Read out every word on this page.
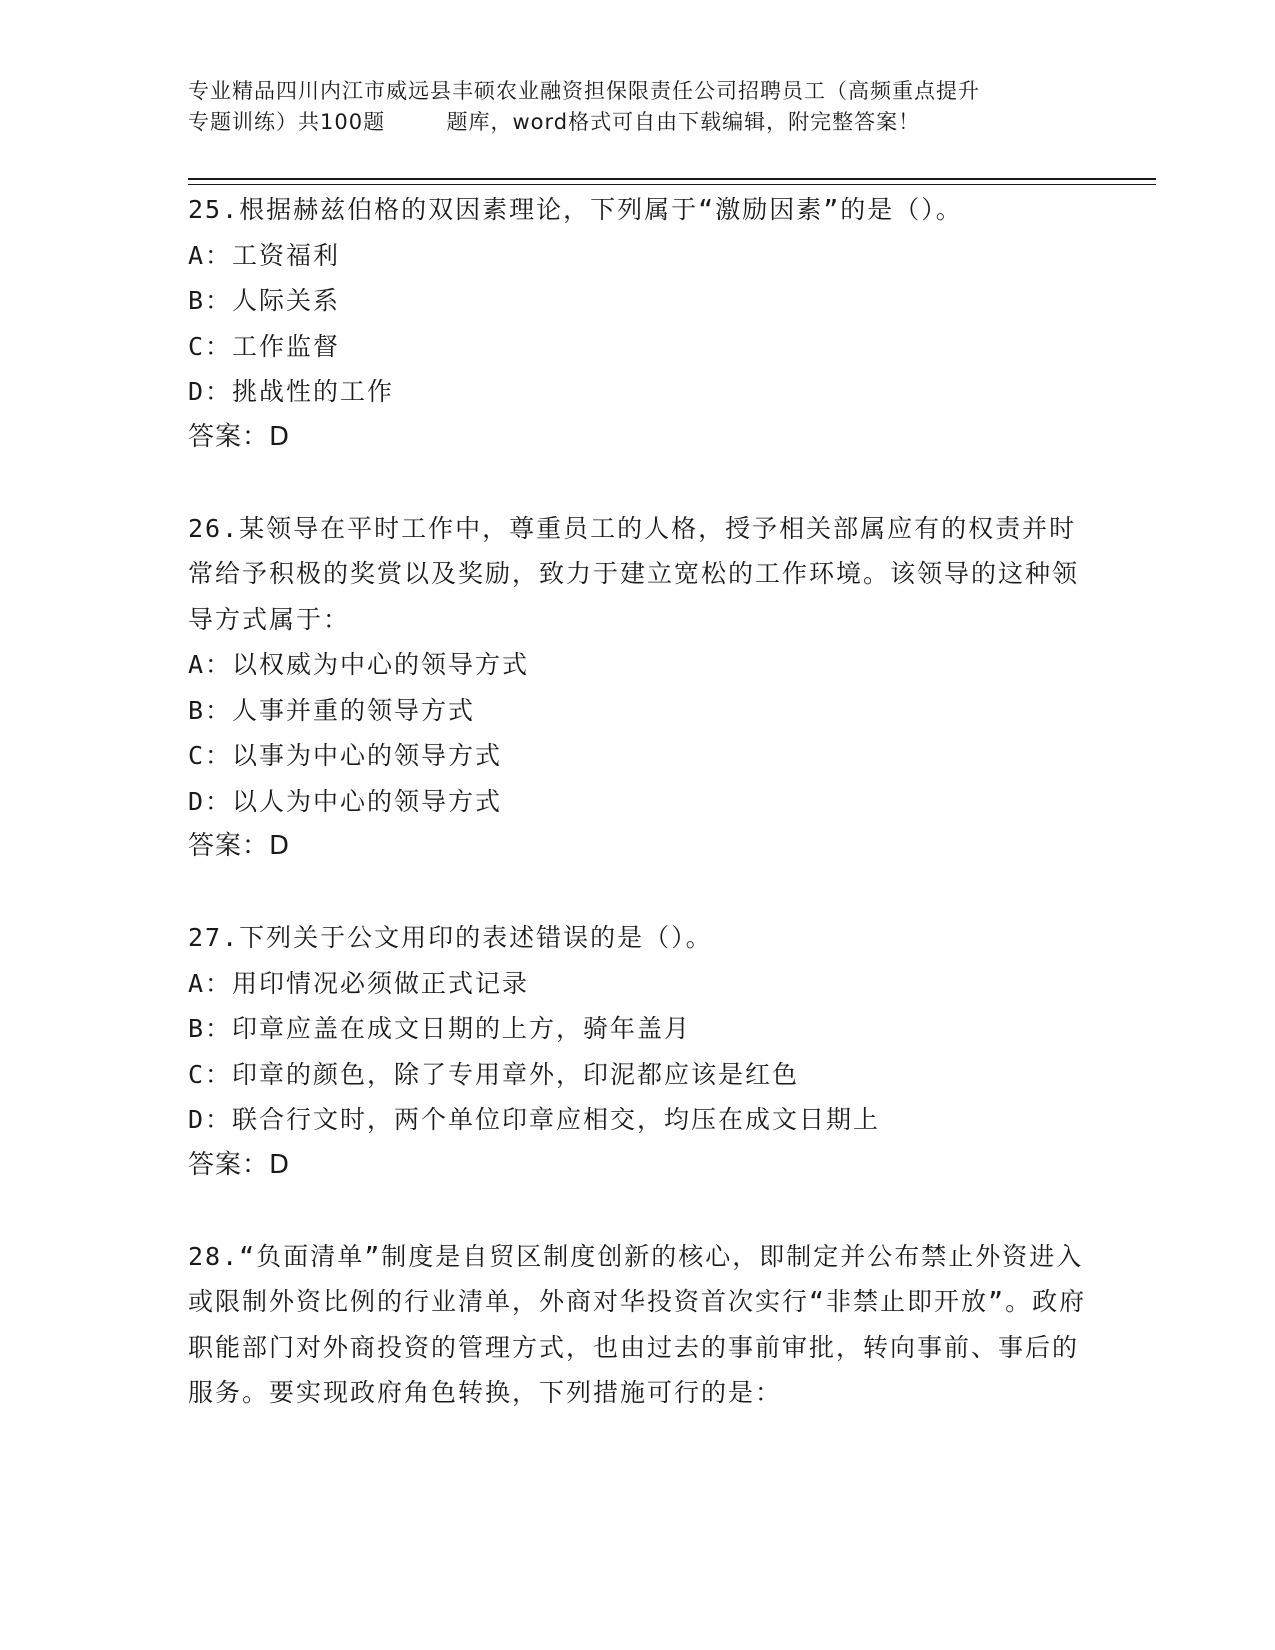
专业精品四川内江市威远县丰硕农业融资担保限责任公司招聘员工（高频重点提升
专题训练）共100题        题库，word格式可自由下载编辑，附完整答案！

25.根据赫兹伯格的双因素理论，下列属于“激励因素”的是（）。

A：工资福利

B：人际关系

C：工作监督

D：挑战性的工作

答案：D

26.某领导在平时工作中，尊重员工的人格，授予相关部属应有的权责并时常给予积极的奖赏以及奖励，致力于建立宽松的工作环境。该领导的这种领导方式属于：

A：以权威为中心的领导方式

B：人事并重的领导方式

C：以事为中心的领导方式

D：以人为中心的领导方式

答案：D

27.下列关于公文用印的表述错误的是（）。

A：用印情况必须做正式记录

B：印章应盖在成文日期的上方，骑年盖月

C：印章的颜色，除了专用章外，印泥都应该是红色

D：联合行文时，两个单位印章应相交，均压在成文日期上

答案：D

28.“负面清单”制度是自贸区制度创新的核心，即制定并公布禁止外资进入或限制外资比例的行业清单，外商对华投资首次实行“非禁止即开放”。政府职能部门对外商投资的管理方式，也由过去的事前审批，转向事前、事后的服务。要实现政府角色转换，下列措施可行的是：
